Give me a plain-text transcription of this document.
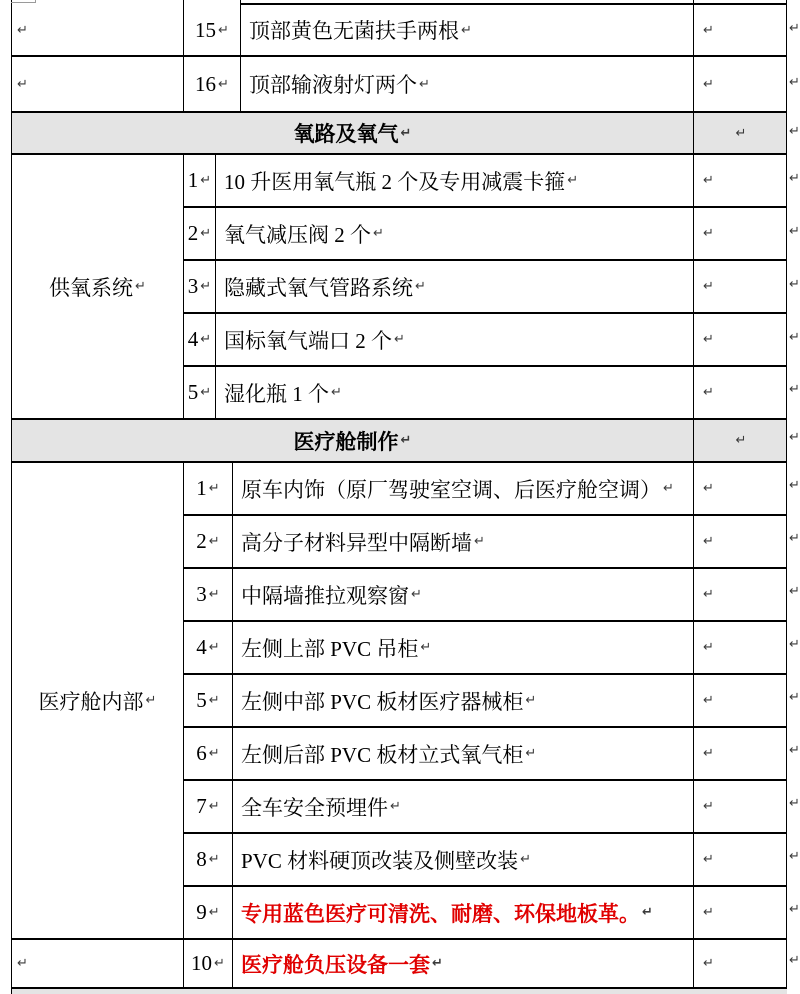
↵	15 ↵ 顶部黄色无菌扶手两根 ↵	↵
↵	16 ↵ 顶部输液射灯两个 ↵	↵
氧路及氧气 ↵	↵
供氧系统 ↵
1 ↵ 10 升医用氧气瓶 2 个及专用减震卡箍 ↵	↵
2 ↵ 氧气减压阀 2 个 ↵	↵
3 ↵ 隐藏式氧气管路系统 ↵	↵
4 ↵ 国标氧气端口 2 个 ↵	↵
5 ↵ 湿化瓶 1 个 ↵	↵
医疗舱制作 ↵	↵
医疗舱内部 ↵
1 ↵ 原车内饰（原厂驾驶室空调、后医疗舱空调） ↵ ↵
2 ↵ 高分子材料异型中隔断墙 ↵	↵
3 ↵ 中隔墙推拉观察窗 ↵	↵
4 ↵ 左侧上部 PVC 吊柜 ↵	↵
5 ↵ 左侧中部 PVC 板材医疗器械柜 ↵	↵
6 ↵ 左侧后部 PVC 板材立式氧气柜 ↵	↵
7 ↵ 全车安全预埋件 ↵	↵
8 ↵ PVC 材料硬顶改装及侧壁改装 ↵	↵
9 ↵ 专用蓝色医疗可清洗、耐磨、环保地板革。 ↵	↵
↵	10 ↵ 医疗舱负压设备一套 ↵	↵
↵
↵
↵
↵
↵
↵
↵
↵
↵
↵
↵
↵
↵
↵
↵
↵
↵
↵
↵
